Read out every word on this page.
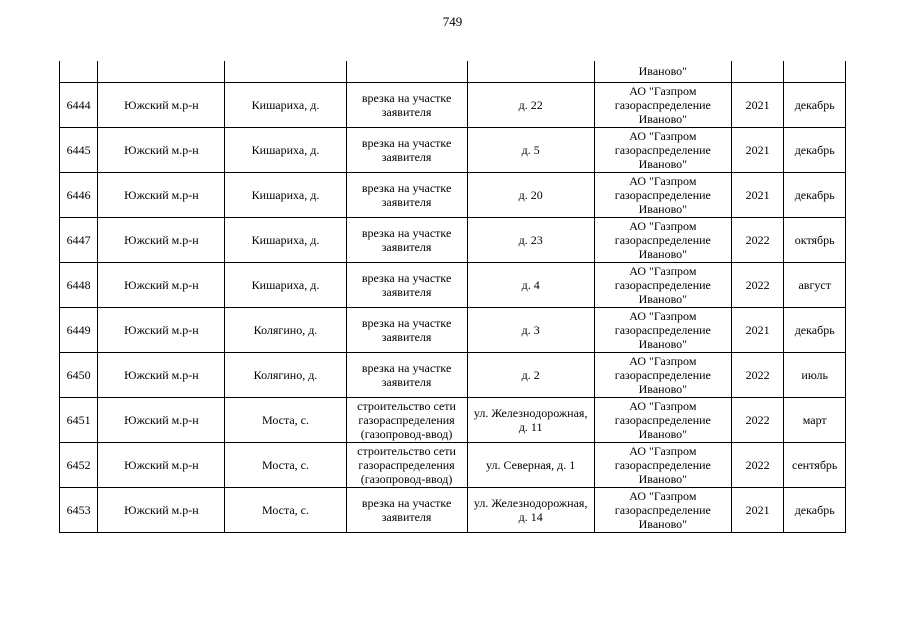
749
					Иваново"		
6444	Южский м.р-н	Кишариха, д.	врезка на участке заявителя	д. 22	АО "Газпром газораспределение Иваново"	2021	декабрь
6445	Южский м.р-н	Кишариха, д.	врезка на участке заявителя	д. 5	АО "Газпром газораспределение Иваново"	2021	декабрь
6446	Южский м.р-н	Кишариха, д.	врезка на участке заявителя	д. 20	АО "Газпром газораспределение Иваново"	2021	декабрь
6447	Южский м.р-н	Кишариха, д.	врезка на участке заявителя	д. 23	АО "Газпром газораспределение Иваново"	2022	октябрь
6448	Южский м.р-н	Кишариха, д.	врезка на участке заявителя	д. 4	АО "Газпром газораспределение Иваново"	2022	август
6449	Южский м.р-н	Колягино, д.	врезка на участке заявителя	д. 3	АО "Газпром газораспределение Иваново"	2021	декабрь
6450	Южский м.р-н	Колягино, д.	врезка на участке заявителя	д. 2	АО "Газпром газораспределение Иваново"	2022	июль
6451	Южский м.р-н	Моста, с.	строительство сети газораспределения (газопровод-ввод)	ул. Железнодорожная, д. 11	АО "Газпром газораспределение Иваново"	2022	март
6452	Южский м.р-н	Моста, с.	строительство сети газораспределения (газопровод-ввод)	ул. Северная, д. 1	АО "Газпром газораспределение Иваново"	2022	сентябрь
6453	Южский м.р-н	Моста, с.	врезка на участке заявителя	ул. Железнодорожная, д. 14	АО "Газпром газораспределение Иваново"	2021	декабрь
